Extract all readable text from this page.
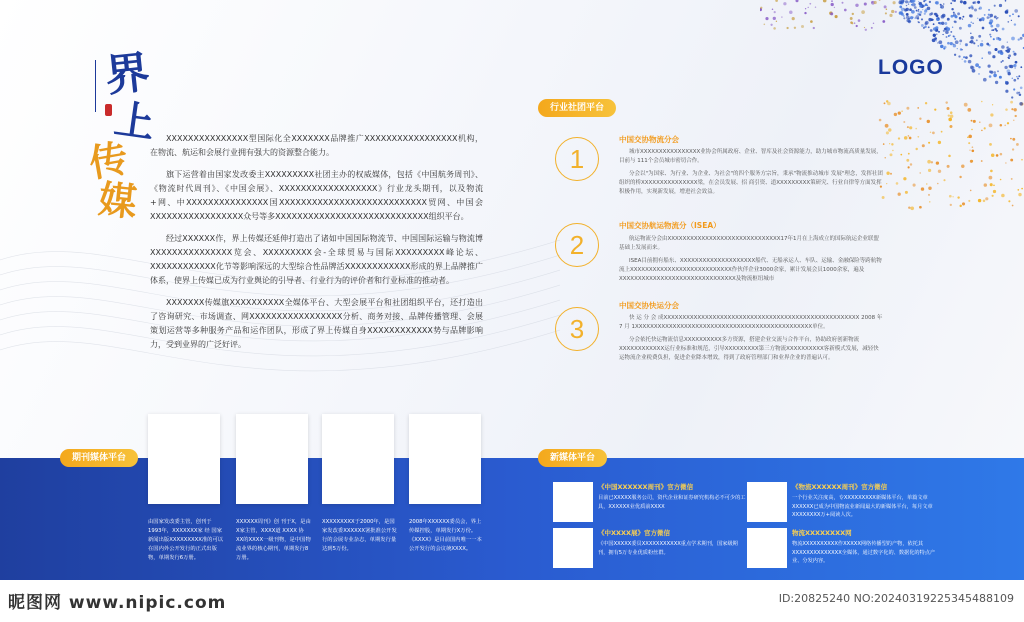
LOGO
界
上
传
媒

XXXXXXXXXXXXXXX型国际化全XXXXXXX品牌推广XXXXXXXXXXXXXXXXX机构，在物流、航运和会展行业拥有强大的资源整合能力。

旗下运营着由国家发改委主XXXXXXXXX社团主办的权威媒体，包括《中国航务周刊》、《物流时代周刊》、《中国会展》、XXXXXXXXXXXXXXXXXX》行业龙头期刊，以及物流+网、中XXXXXXXXXXXXXXX国XXXXXXXXXXXXXXXXXXXXXXXXXXX贸网、中国会XXXXXXXXXXXXXXXXX众号等多XXXXXXXXXXXXXXXXXXXXXXXXXXXX组织平台。

经过XXXXXX作，界上传媒还延伸打造出了诸如中国国际物流节、中国国际运输与物流博XXXXXXXXXXXXXXX览会、XXXXXXXXX会-全球贸易与国际XXXXXXXXX峰论坛、XXXXXXXXXXXX化节等影响深远的大型综合性品牌活XXXXXXXXXXXX形成的界上品牌推广体系，使界上传媒已成为行业舆论的引导者、行业行为的评价者和行业标准的推动者。

XXXXXXX传媒旗XXXXXXXXXX全媒体平台、大型会展平台和社团组织平台，还打造出了咨询研究、市场调查、网XXXXXXXXXXXXXXXXX分析、商务对接、品牌传播管理、会展策划运营等多种服务产品和运作团队，形成了界上传媒自身XXXXXXXXXXXX势与品牌影响力，受到业界的广泛好评。

行业社团平台
1
中国交协物流分会

城市XXXXXXXXXXXXXXXX业协会所属政府、企业、智库及社会资源能力，助力城市物流高质量发展，目前与 111个会员城市密切合作。

分会以"为国家、为行业、为企业、为社会"的四个服务方宗旨，秉承"物流推动城市 发展"理念，发挥社团组织的桥XXXXXXXXXXXXXXX梁，在会员发展、招 商引资、道XXXXXXXXX策研究、行业自律等方面发挥积极作用，实现新发展，增进社会效益。

2
中国交协航运物流分（ISEA）

航运物流分会由XXXXXXXXXXXXXXXXXXXXXXXXXXXXXX17年1月在上海成立的国际航运企业联盟基础上发展而来。

ISEA目前拥有船东、XXXXXXXXXXXXXXXXXXXX船代、无船承运人、车队、运输、金融保险等跨航物流上XXXXXXXXXXXXXXXXXXXXXXXXXXX作伙伴企业3000余家，累计发展会员1000余家，遍及XXXXXXXXXXXXXXXXXXXXXXXXXXXXXXX及物流枢纽城市

3
中国交协快运分会

快 运 分 会 成XXXXXXXXXXXXXXXXXXXXXXXXXXXXXXXXXXXXXXXXXXXXXXXXXXXX 2008 年 7 月 1XXXXXXXXXXXXXXXXXXXXXXXXXXXXXXXXXXXXXXXXXXXXXXX单位。

分会依托快运物流信息XXXXXXXXXX多方资源，搭建企业交流与合作平台，协助政府创新物流XXXXXXXXXXXX运行业标准和规范，引导XXXXXXXXX第三方物流XXXXXXXXXX客新模式发展，减轻快运物流企业税费负担，促进企业降本增效，得到了政府管理部门和业界企业的普遍认可。

期刊媒体平台
由国家发改委主管，创刊于1993年，XXXXXXX家 经 国家新闻出版XXXXXXXXX准的可以在国内外公开发行的正式出版物，单期发行6万册。
XXXXXX周刊》创 刊于X，是由X家主管，XXXX道 XXXX 协 XX的XXXX一级刊物，是中国物流业界的核心期刊，单期发行8万册。
XXXXXXXXX于2000年，是国家发改委XXXXXX署批准公开发行的会展专业杂志，单期发行量达到5万份。
2008年XXXXXX委员会，界上传媒控股，单期发行X万份。《XXXX》是目前国内唯一一本公开发行的会议统XXXX。
新媒体平台
《中国XXXXXX周刊》官方微信
目前已XXXXX服务公司，资代企业和证券研究机构必不可少的工具，XXXXXX业优质前XXXX
《物流XXXXXX周刊》官方微信
一个行业关注度高，专XXXXXXXXX新媒体平台，单篇文章XXXXXX已成为中国物流业新闻最大的新媒体平台，每月文章XXXXXXXX万+阅读人次。
《中XXXX展》官方微信
《中国XXXXX委员XXXXXXXXXXX重点学术期刊，国家级期刊，拥有5万专业优质粉丝群。
物流XXXXXXXX网
物流XXXXXXXXXX作XXXXX网络传播型的产物，依托其XXXXXXXXXXXXXX全媒体，通过数字化的、数据化的特点产业、分发内容。
昵图网 www.nipic.com	ID:20825240 NO:20240319225345488109
